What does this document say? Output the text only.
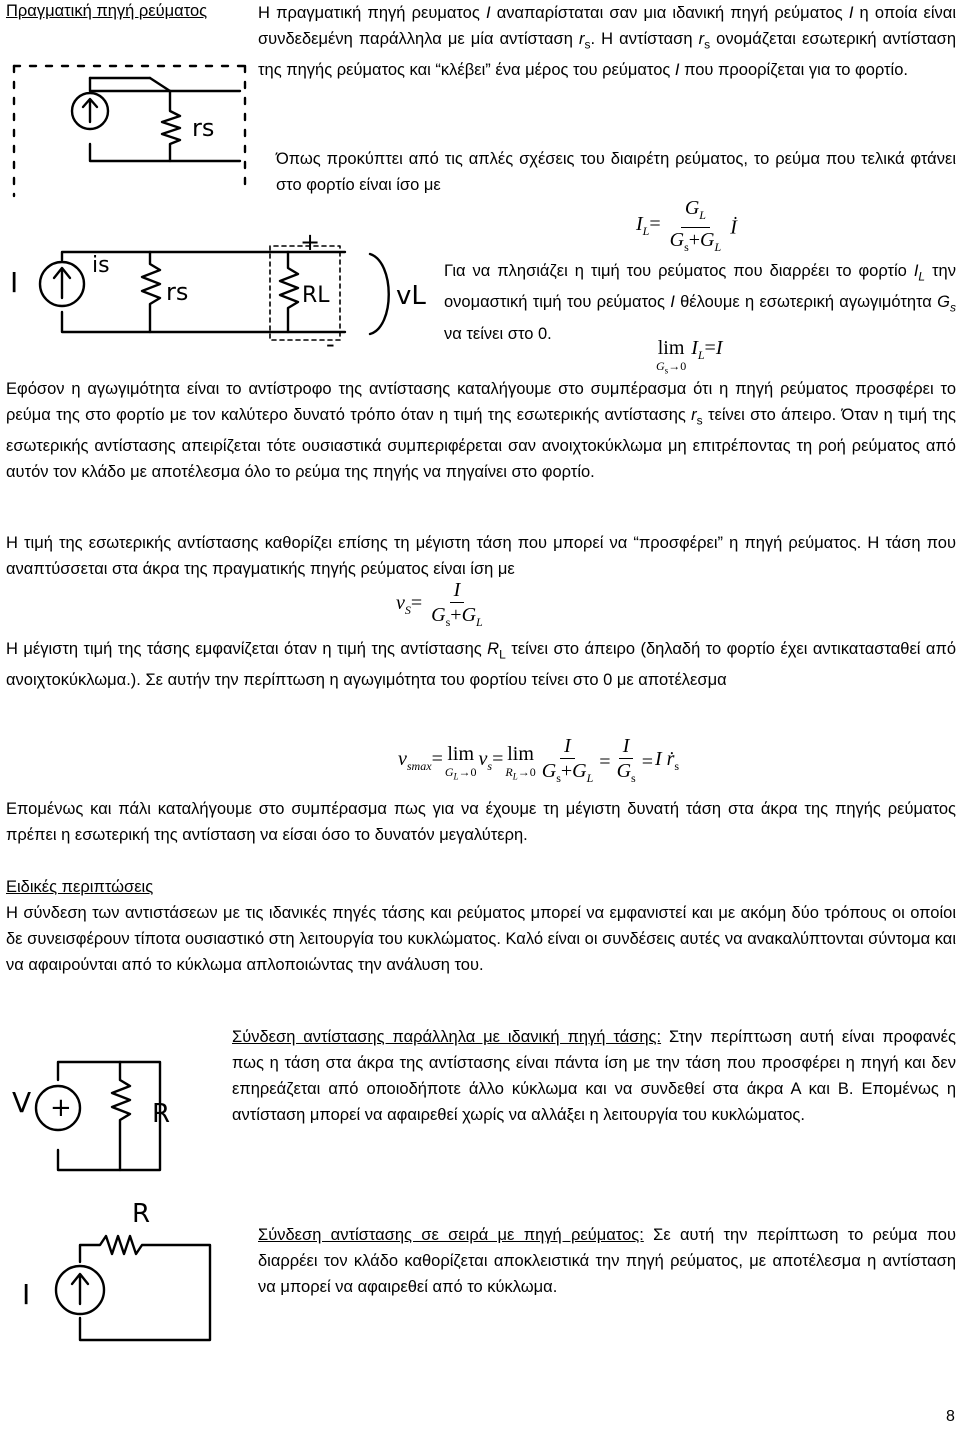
Πραγματική πηγή ρεύματος
rs

Η πραγματική πηγή ρευματος I αναπαρίσταται σαν μια ιδανική πηγή ρεύματος I η οποία είναι συνδεδεμένη παράλληλα με μία αντίσταση $r_s$. Η αντίσταση $r_s$ ονομάζεται εσωτερική αντίσταση της πηγής ρεύματος και “κλέβει” ένα μέρος του ρεύματος I που προορίζεται για το φορτίο.

Όπως προκύπτει από τις απλές σχέσεις του διαιρέτη ρεύματος, το ρεύμα που τελικά φτάνει στο φορτίο είναι ίσο με

$I_L= \frac{G_L}{G_s+G_L}$ İ
I
is
rs	RL
+
-
vL

Για να πλησιάζει η τιμή του ρεύματος που διαρρέει το φορτίο $I_L$ την ονομαστική τιμή του ρεύματος I θέλουμε η εσωτερική αγωγιμότητα $G_s$ να τείνει στο 0.

lim
$G_s\to 0$
$I_L=I$

Εφόσον η αγωγιμότητα είναι το αντίστροφο της αντίστασης καταλήγουμε στο συμπέρασμα ότι η πηγή ρεύματος προσφέρει το ρεύμα της στο φορτίο με τον καλύτερο δυνατό τρόπο όταν η τιμή της εσωτερικής αντίστασης $r_s$ τείνει στο άπειρο. Όταν η τιμή της εσωτερικής αντίστασης απειρίζεται τότε ουσιαστικά συμπεριφέρεται σαν ανοιχτοκύκλωμα μη επιτρέποντας τη ροή ρεύματος από αυτόν τον κλάδο με αποτέλεσμα όλο το ρεύμα της πηγής να πηγαίνει στο φορτίο.

Η τιμή της εσωτερικής αντίστασης καθορίζει επίσης τη μέγιστη τάση που μπορεί να “προσφέρει” η πηγή ρεύματος. Η τάση που αναπτύσσεται στα άκρα της πραγματικής πηγής ρεύματος είναι ίση με

$v_S= \frac{I}{G_s+G_L}$

Η μέγιστη τιμή της τάσης εμφανίζεται όταν η τιμή της αντίστασης $R_L$ τείνει στο άπειρο (δηλαδή το φορτίο έχει αντικατασταθεί από ανοιχτοκύκλωμα.). Σε αυτήν την περίπτωση η αγωγιμότητα του φορτίου τείνει στο 0 με αποτέλεσμα

$v_{smax}= \lim$
$G_L\to 0$
$v_s= \lim$
$R_L\to 0 \frac{I}{G_s+G_L} = \frac{I}{G_s} = I$ ṙ$_s$

Επομένως και πάλι καταλήγουμε στο συμπέρασμα πως για να έχουμε τη μέγιστη δυνατή τάση στα άκρα της πηγής ρεύματος πρέπει η εσωτερική της αντίσταση να είσαι όσο το δυνατόν μεγαλύτερη.

Ειδικές περιπτώσεις

Η σύνδεση των αντιστάσεων με τις ιδανικές πηγές τάσης και ρεύματος μπορεί να εμφανιστεί και με ακόμη δύο τρόπους οι οποίοι δε συνεισφέρουν τίποτα ουσιαστικό στη λειτουργία του κυκλώματος. Καλό είναι οι συνδέσεις αυτές να ανακαλύπτονται σύντομα και να αφαιρούνται από το κύκλωμα απλοποιώντας την ανάλυση του.

Σύνδεση αντίστασης παράλληλα με ιδανική πηγή τάσης: Στην περίπτωση αυτή είναι προφανές πως η τάση στα άκρα της αντίστασης είναι πάντα ίση με την τάση που προσφέρει η πηγή και δεν επηρεάζεται από οποιοδήποτε άλλο κύκλωμα και να συνδεθεί στα άκρα Α και Β. Επομένως η αντίσταση μπορεί να αφαιρεθεί χωρίς να αλλάξει η λειτουργία του κυκλώματος.

V +	R

Σύνδεση αντίστασης σε σειρά με πηγή ρεύματος: Σε αυτή την περίπτωση το ρεύμα που διαρρέει τον κλάδο καθορίζεται αποκλειστικά την πηγή ρεύματος, με αποτέλεσμα η αντίσταση να μπορεί να αφαιρεθεί από το κύκλωμα.

R
I
8
